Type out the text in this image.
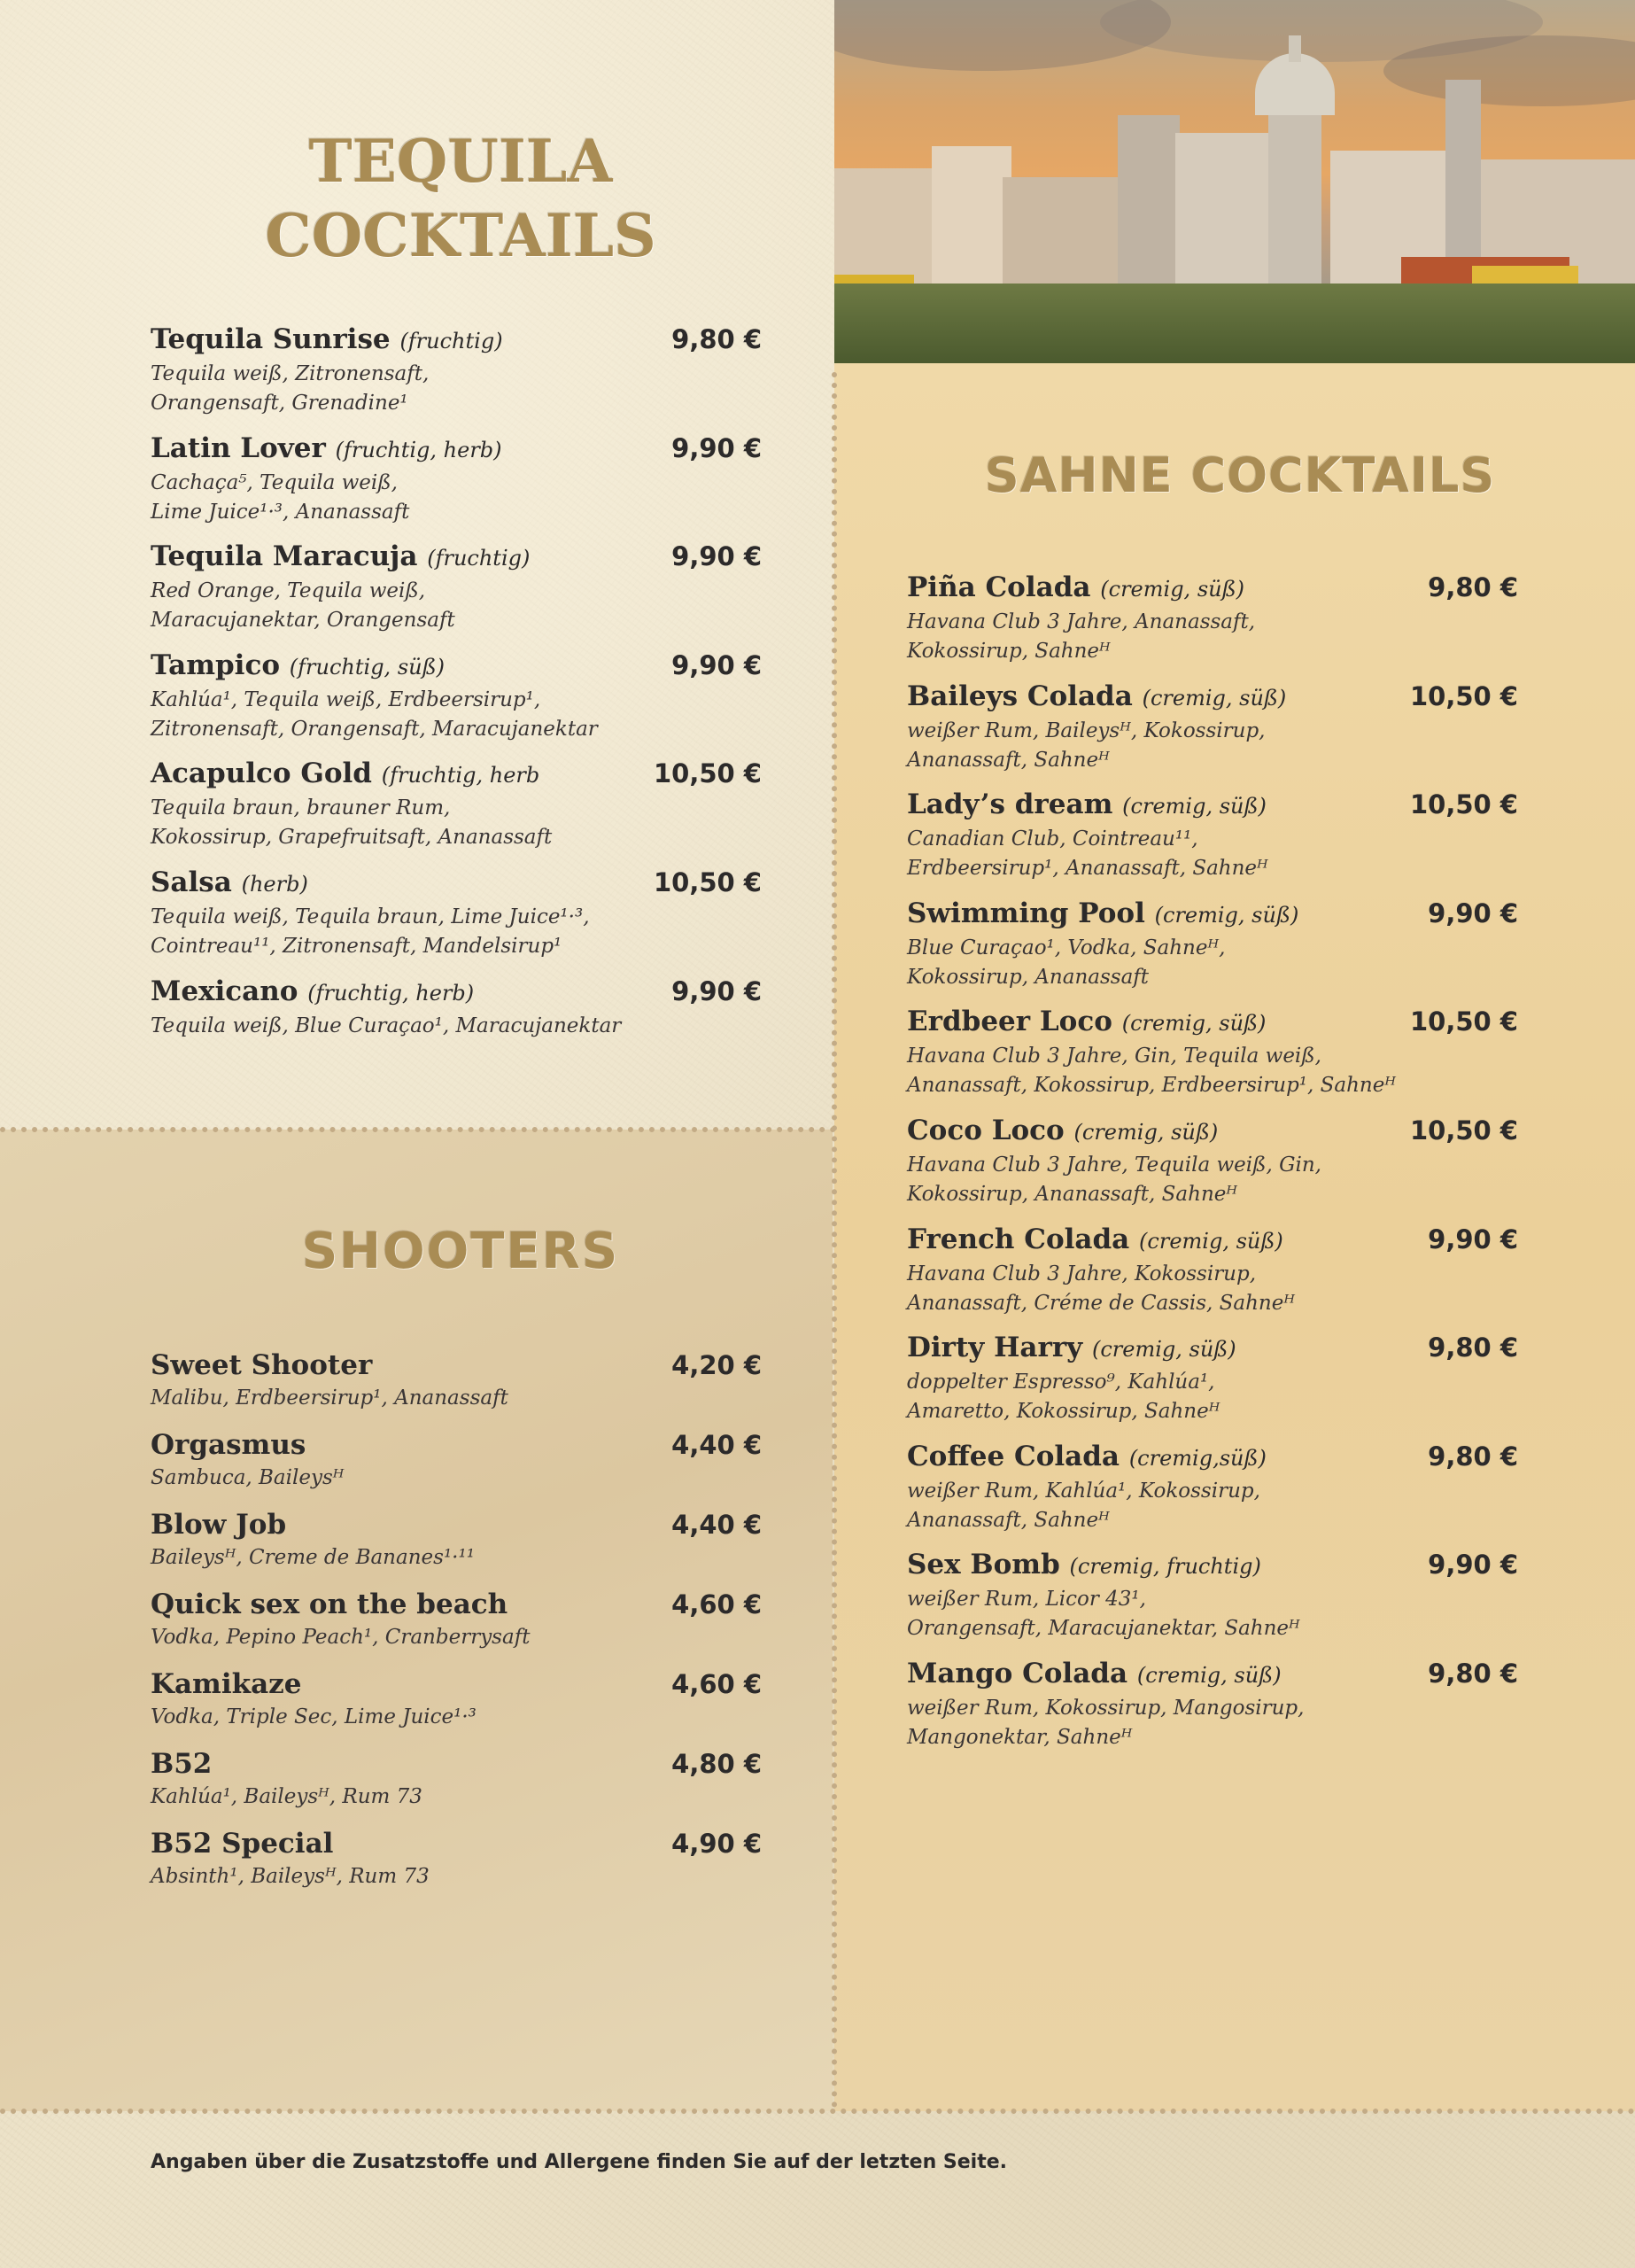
TEQUILA
COCKTAILS
SHOOTERS
SAHNE COCKTAILS
Tequila Sunrise (fruchtig)	9,80 €
Tequila weiß, Zitronensaft,
Orangensaft, Grenadine¹
Latin Lover (fruchtig, herb)	9,90 €
Cachaça⁵, Tequila weiß,
Lime Juice¹·³, Ananassaft
Tequila Maracuja (fruchtig)	9,90 €
Red Orange, Tequila weiß,
Maracujanektar, Orangensaft
Tampico (fruchtig, süß)	9,90 €
Kahlúa¹, Tequila weiß, Erdbeersirup¹,
Zitronensaft, Orangensaft, Maracujanektar
Acapulco Gold (fruchtig, herb	10,50 €
Tequila braun, brauner Rum,
Kokossirup, Grapefruitsaft, Ananassaft
Salsa (herb)	10,50 €
Tequila weiß, Tequila braun, Lime Juice¹·³,
Cointreau¹¹, Zitronensaft, Mandelsirup¹
Mexicano (fruchtig, herb)	9,90 €
Tequila weiß, Blue Curaçao¹, Maracujanektar
Sweet Shooter	4,20 €
Malibu, Erdbeersirup¹, Ananassaft
Orgasmus	4,40 €
Sambuca, Baileysᴴ
Blow Job	4,40 €
Baileysᴴ, Creme de Bananes¹·¹¹
Quick sex on the beach	4,60 €
Vodka, Pepino Peach¹, Cranberrysaft
Kamikaze	4,60 €
Vodka, Triple Sec, Lime Juice¹·³
B52	4,80 €
Kahlúa¹, Baileysᴴ, Rum 73
B52 Special	4,90 €
Absinth¹, Baileysᴴ, Rum 73
Piña Colada (cremig, süß)	9,80 €
Havana Club 3 Jahre, Ananassaft,
Kokossirup, Sahneᴴ
Baileys Colada (cremig, süß)	10,50 €
weißer Rum, Baileysᴴ, Kokossirup,
Ananassaft, Sahneᴴ
Lady’s dream (cremig, süß)	10,50 €
Canadian Club, Cointreau¹¹,
Erdbeersirup¹, Ananassaft, Sahneᴴ
Swimming Pool (cremig, süß)	9,90 €
Blue Curaçao¹, Vodka, Sahneᴴ,
Kokossirup, Ananassaft
Erdbeer Loco (cremig, süß)	10,50 €
Havana Club 3 Jahre, Gin, Tequila weiß,
Ananassaft, Kokossirup, Erdbeersirup¹, Sahneᴴ
Coco Loco (cremig, süß)	10,50 €
Havana Club 3 Jahre, Tequila weiß, Gin,
Kokossirup, Ananassaft, Sahneᴴ
French Colada (cremig, süß)	9,90 €
Havana Club 3 Jahre, Kokossirup,
Ananassaft, Créme de Cassis, Sahneᴴ
Dirty Harry (cremig, süß)	9,80 €
doppelter Espresso⁹, Kahlúa¹,
Amaretto, Kokossirup, Sahneᴴ
Coffee Colada (cremig,süß)	9,80 €
weißer Rum, Kahlúa¹, Kokossirup,
Ananassaft, Sahneᴴ
Sex Bomb (cremig, fruchtig)	9,90 €
weißer Rum, Licor 43¹,
Orangensaft, Maracujanektar, Sahneᴴ
Mango Colada (cremig, süß)	9,80 €
weißer Rum, Kokossirup, Mangosirup,
Mangonektar, Sahneᴴ
Angaben über die Zusatzstoffe und Allergene finden Sie auf der letzten Seite.
